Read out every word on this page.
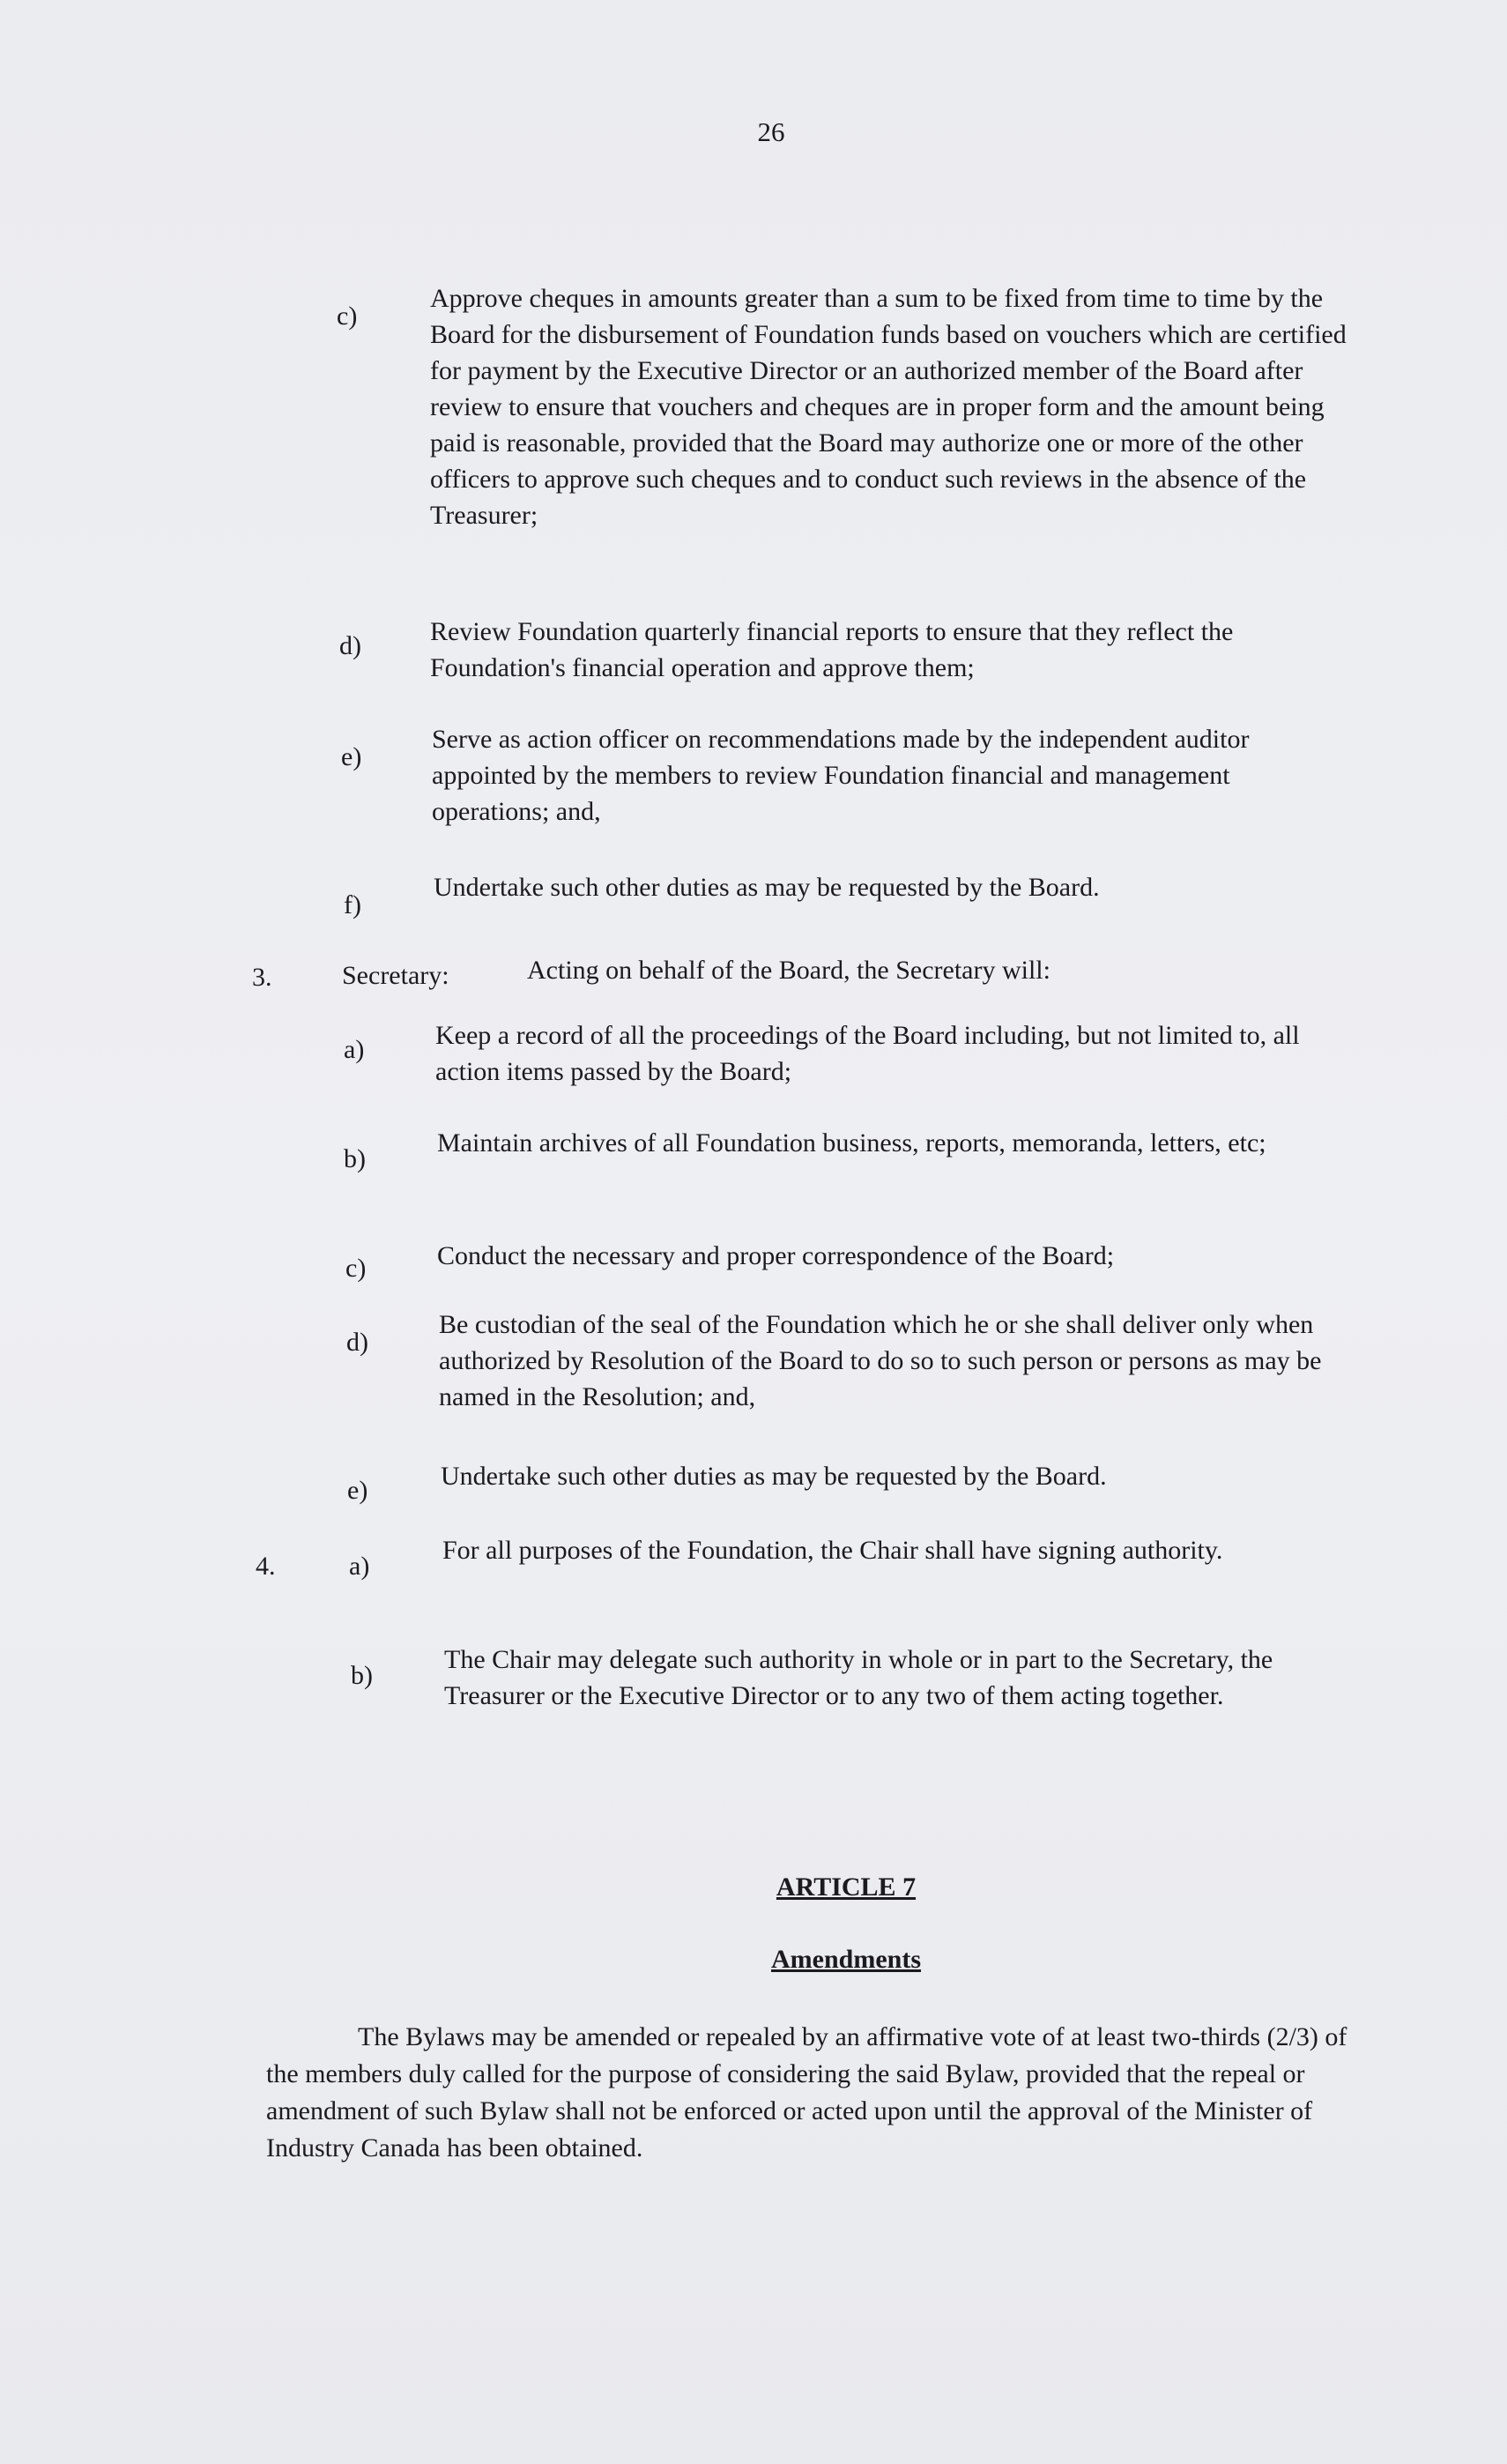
26
c)
Approve cheques in amounts greater than a sum to be fixed from time to time by the Board for the disbursement of Foundation funds based on vouchers which are certified for payment by the Executive Director or an authorized member of the Board after review to ensure that vouchers and cheques are in proper form and the amount being paid is reasonable, provided that the Board may authorize one or more of the other officers to approve such cheques and to conduct such reviews in the absence of the Treasurer;
d)	Review Foundation quarterly financial reports to ensure that they reflect the Foundation's financial operation and approve them;
e)
Serve as action officer on recommendations made by the independent auditor appointed by the members to review Foundation financial and management operations; and,
f)
Undertake such other duties as may be requested by the Board.
3.	Secretary:	Acting on behalf of the Board, the Secretary will:
a)	Keep a record of all the proceedings of the Board including, but not limited to, all action items passed by the Board;
b)
Maintain archives of all Foundation business, reports, memoranda, letters, etc;
c)	Conduct the necessary and proper correspondence of the Board;
d)
Be custodian of the seal of the Foundation which he or she shall deliver only when authorized by Resolution of the Board to do so to such person or persons as may be named in the Resolution; and,
e)	Undertake such other duties as may be requested by the Board.
4.	a)
For all purposes of the Foundation, the Chair shall have signing authority.
b)
The Chair may delegate such authority in whole or in part to the Secretary, the Treasurer or the Executive Director or to any two of them acting together.
ARTICLE 7
Amendments
The Bylaws may be amended or repealed by an affirmative vote of at least two-thirds (2/3) of the members duly called for the purpose of considering the said Bylaw, provided that the repeal or amendment of such Bylaw shall not be enforced or acted upon until the approval of the Minister of Industry Canada has been obtained.
